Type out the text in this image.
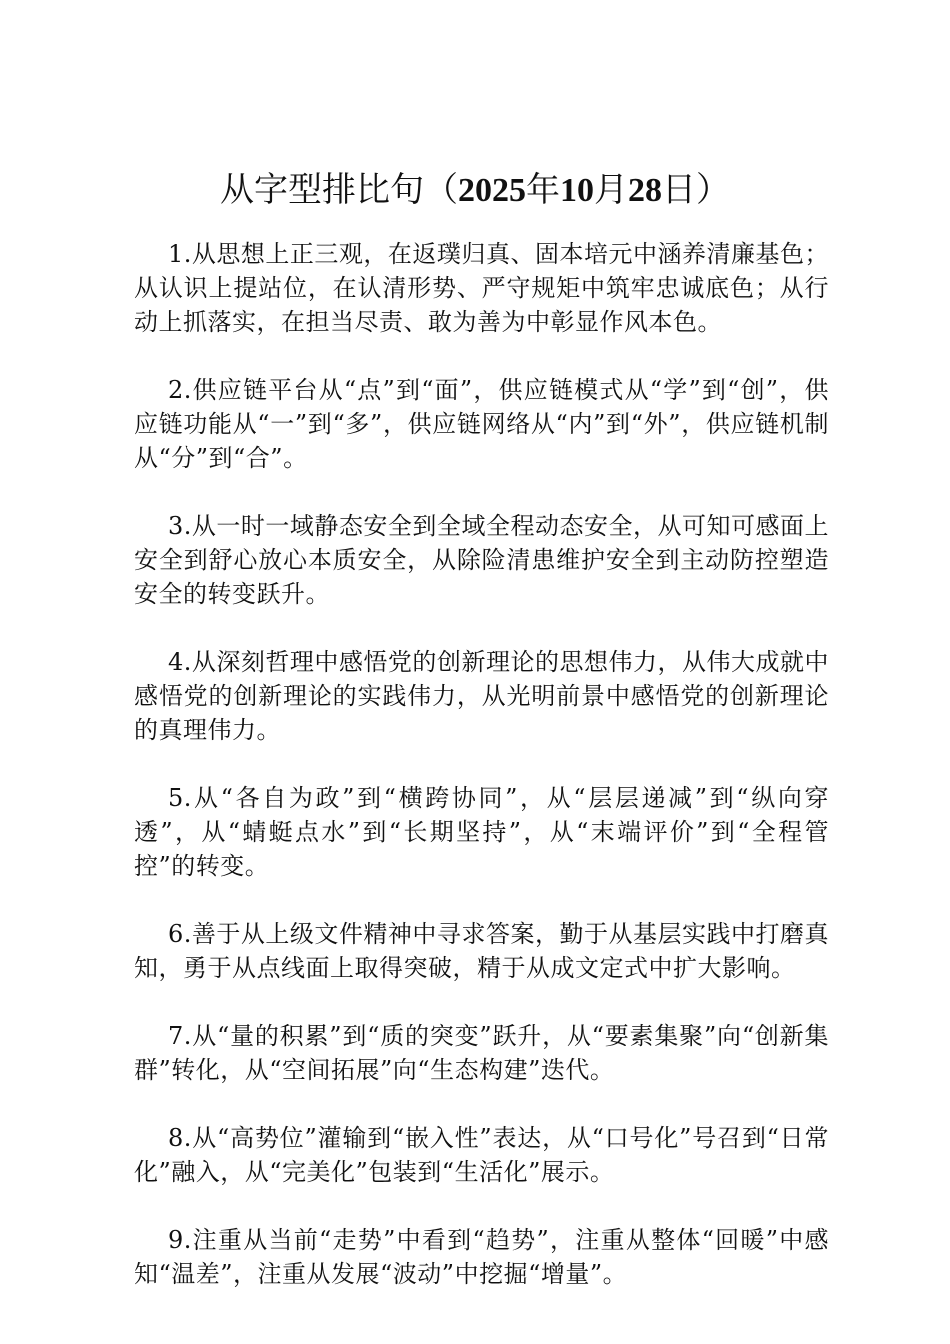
从字型排比句（2025年10月28日）

1.从思想上正三观，在返璞归真、固本培元中涵养清廉基色；从认识上提站位，在认清形势、严守规矩中筑牢忠诚底色；从行动上抓落实，在担当尽责、敢为善为中彰显作风本色。

2.供应链平台从“点”到“面”，供应链模式从“学”到“创”，供应链功能从“一”到“多”，供应链网络从“内”到“外”，供应链机制从“分”到“合”。

3.从一时一域静态安全到全域全程动态安全，从可知可感面上安全到舒心放心本质安全，从除险清患维护安全到主动防控塑造安全的转变跃升。

4.从深刻哲理中感悟党的创新理论的思想伟力，从伟大成就中感悟党的创新理论的实践伟力，从光明前景中感悟党的创新理论的真理伟力。

5.从“各自为政”到“横跨协同”，从“层层递减”到“纵向穿透”，从“蜻蜓点水”到“长期坚持”，从“末端评价”到“全程管控”的转变。

6.善于从上级文件精神中寻求答案，勤于从基层实践中打磨真知，勇于从点线面上取得突破，精于从成文定式中扩大影响。

7.从“量的积累”到“质的突变”跃升，从“要素集聚”向“创新集群”转化，从“空间拓展”向“生态构建”迭代。

8.从“高势位”灌输到“嵌入性”表达，从“口号化”号召到“日常化”融入，从“完美化”包装到“生活化”展示。

9.注重从当前“走势”中看到“趋势”，注重从整体“回暖”中感知“温差”，注重从发展“波动”中挖掘“增量”。
